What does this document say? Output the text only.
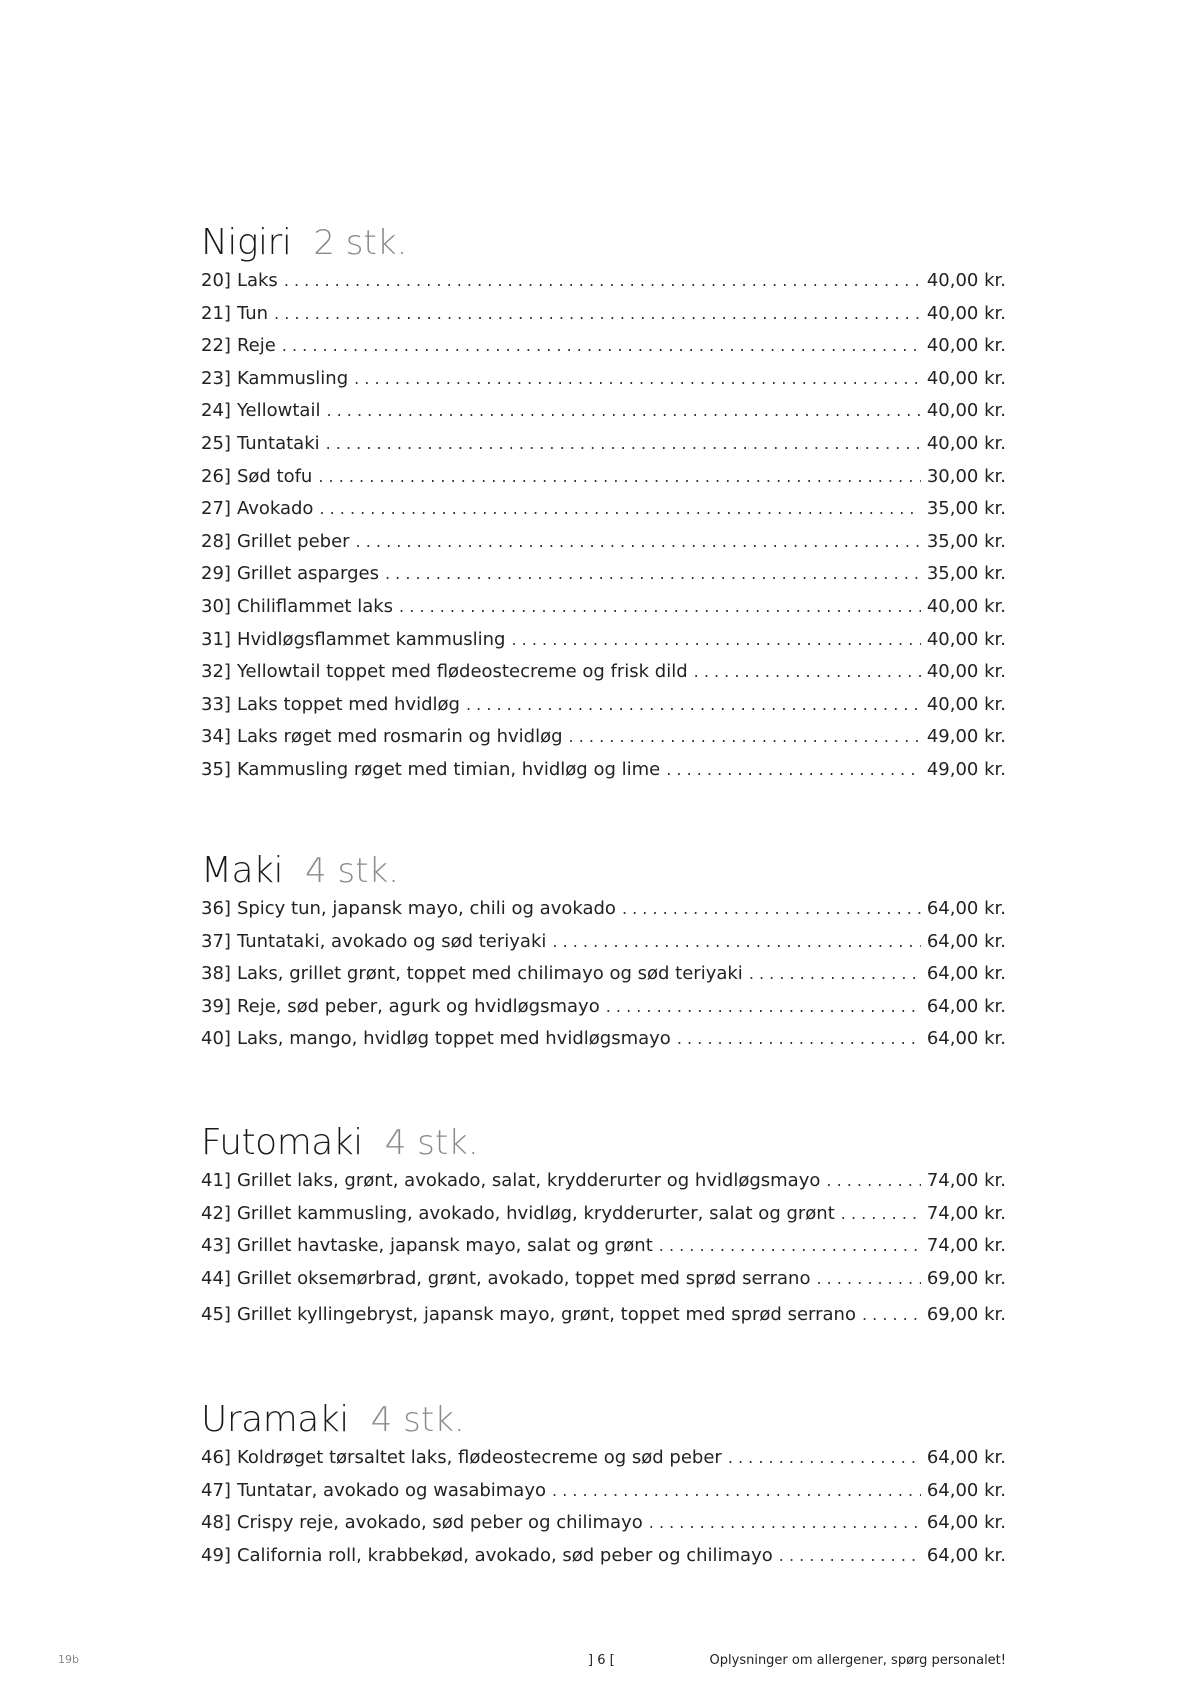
Nigiri 2 stk.
20] Laks . . .	40,00 kr.
21] Tun . . .	40,00 kr.
22] Reje . . .	40,00 kr.
23] Kammusling . . .	40,00 kr.
24] Yellowtail . . .	40,00 kr.
25] Tuntataki . . .	40,00 kr.
26] Sød tofu . . .	30,00 kr.
27] Avokado . . .	35,00 kr.
28] Grillet peber . . .	35,00 kr.
29] Grillet asparges . . .	35,00 kr.
30] Chiliflammet laks . . .	40,00 kr.
31] Hvidløgsflammet kammusling . . .	40,00 kr.
32] Yellowtail toppet med flødeostecreme og frisk dild . . .	40,00 kr.
33] Laks toppet med hvidløg . . .	40,00 kr.
34] Laks røget med rosmarin og hvidløg . . .	49,00 kr.
35] Kammusling røget med timian, hvidløg og lime . . .	49,00 kr.
Maki 4 stk.
36] Spicy tun, japansk mayo, chili og avokado . . .	64,00 kr.
37] Tuntataki, avokado og sød teriyaki . . .	64,00 kr.
38] Laks, grillet grønt, toppet med chilimayo og sød teriyaki . . .	64,00 kr.
39] Reje, sød peber, agurk og hvidløgsmayo . . .	64,00 kr.
40] Laks, mango, hvidløg toppet med hvidløgsmayo . . .	64,00 kr.
Futomaki 4 stk.
41] Grillet laks, grønt, avokado, salat, krydderurter og hvidløgsmayo . . .	74,00 kr.
42] Grillet kammusling, avokado, hvidløg, krydderurter, salat og grønt . . .	74,00 kr.
43] Grillet havtaske, japansk mayo, salat og grønt . . .	74,00 kr.
44] Grillet oksemørbrad, grønt, avokado, toppet med sprød serrano . . .	69,00 kr.
45] Grillet kyllingebryst, japansk mayo, grønt, toppet med sprød serrano . . .	69,00 kr.
Uramaki 4 stk.
46] Koldrøget tørsaltet laks, flødeostecreme og sød peber . . .	64,00 kr.
47] Tuntatar, avokado og wasabimayo . . .	64,00 kr.
48] Crispy reje, avokado, sød peber og chilimayo . . .	64,00 kr.
49] California roll, krabbekød, avokado, sød peber og chilimayo . . .	64,00 kr.
19b	] 6 [	Oplysninger om allergener, spørg personalet!
